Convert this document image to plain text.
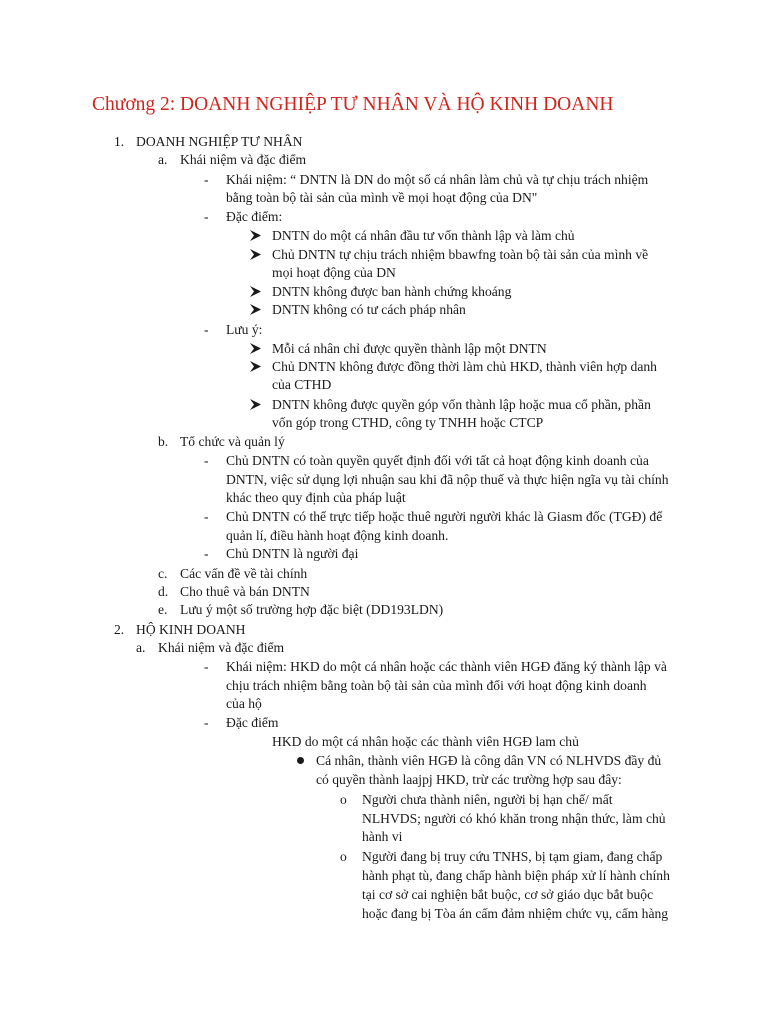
Chương 2: DOANH NGHIỆP TƯ NHÂN VÀ HỘ KINH DOANH
1. DOANH NGHIỆP TƯ NHÂN
a. Khái niệm và đặc điểm
- Khái niệm: “ DNTN là DN do một số cá nhân làm chủ và tự chịu trách nhiệm
bằng toàn bộ tài sản của mình về mọi hoạt động của DN"
- Đặc điểm:
DNTN do một cá nhân đầu tư vốn thành lập và làm chủ
Chủ DNTN tự chịu trách nhiệm bbawfng toàn bộ tài sản của mình về
mọi hoạt động của DN
DNTN không được ban hành chứng khoáng
DNTN không có tư cách pháp nhân
- Lưu ý:
Mỗi cá nhân chỉ được quyền thành lập một DNTN
Chủ DNTN không được đồng thời làm chủ HKD, thành viên hợp danh
của CTHD
DNTN không được quyền góp vốn thành lập hoặc mua cổ phần, phần
vốn góp trong CTHD, công ty TNHH hoặc CTCP
b. Tổ chức và quản lý
- Chủ DNTN có toàn quyền quyết định đối với tất cả hoạt động kinh doanh của
DNTN, việc sử dụng lợi nhuận sau khi đã nộp thuế và thực hiện ngĩa vụ tài chính
khác theo quy định của pháp luật
- Chủ DNTN có thể trực tiếp hoặc thuê người người khác là Giasm đốc (TGĐ) để
quản lí, điều hành hoạt động kinh doanh.
- Chủ DNTN là người đại
c. Các vấn đề về tài chính
d. Cho thuê và bán DNTN
e. Lưu ý một số trường hợp đặc biệt (DD193LDN)
2. HỘ KINH DOANH
a. Khái niệm và đặc điểm
- Khái niệm: HKD do một cá nhân hoặc các thành viên HGĐ đăng ký thành lập và
chịu trách nhiệm bằng toàn bộ tài sản của mình đối với hoạt động kinh doanh
của hộ
- Đặc điểm
HKD do một cá nhân hoặc các thành viên HGĐ lam chủ
Cá nhân, thành viên HGĐ là công dân VN có NLHVDS đầy đủ
có quyền thành laajpj HKD, trừ các trường hợp sau đây:
o Người chưa thành niên, người bị hạn chế/ mất
NLHVDS; người có khó khăn trong nhận thức, làm chủ
hành vi
o Người đang bị truy cứu TNHS, bị tạm giam, đang chấp
hành phạt tù, đang chấp hành biện pháp xử lí hành chính
tại cơ sở cai nghiện bắt buộc, cơ sở giáo dục bắt buộc
hoặc đang bị Tòa án cấm đảm nhiệm chức vụ, cấm hàng
